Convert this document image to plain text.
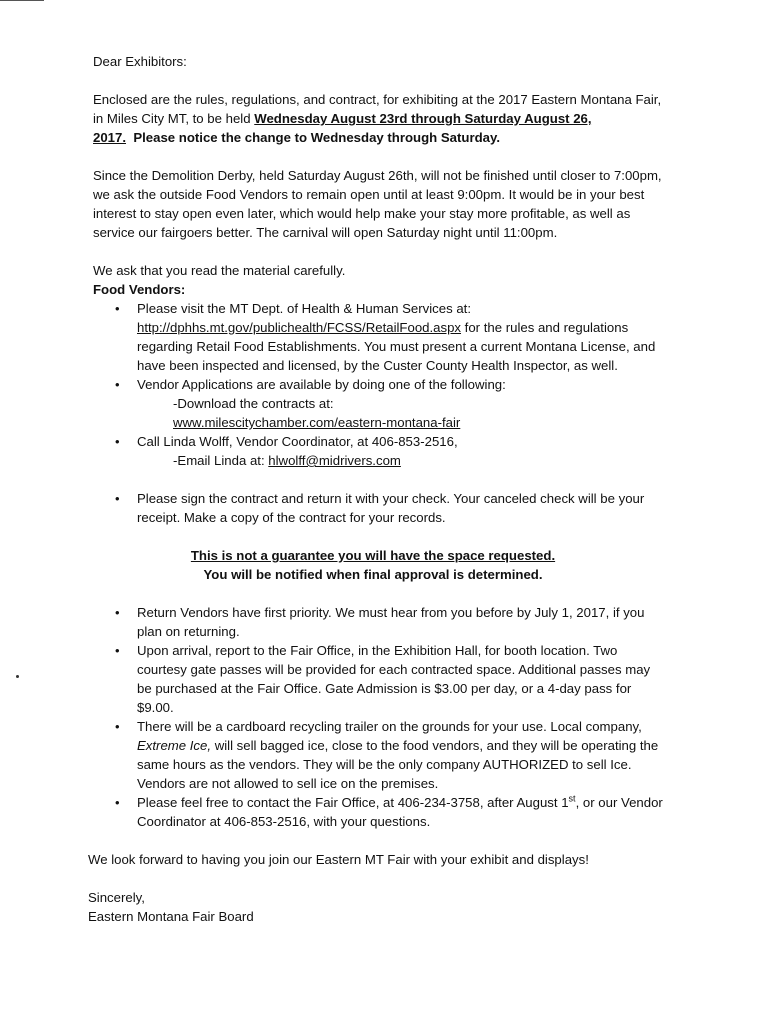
Dear Exhibitors:

Enclosed are the rules, regulations, and contract, for exhibiting at the 2017 Eastern Montana Fair, in Miles City MT, to be held Wednesday August 23rd through Saturday August 26, 2017. Please notice the change to Wednesday through Saturday.

Since the Demolition Derby, held Saturday August 26th, will not be finished until closer to 7:00pm, we ask the outside Food Vendors to remain open until at least 9:00pm. It would be in your best interest to stay open even later, which would help make your stay more profitable, as well as service our fairgoers better. The carnival will open Saturday night until 11:00pm.

We ask that you read the material carefully.

Food Vendors:

• Please visit the MT Dept. of Health & Human Services at:
http://dphhs.mt.gov/publichealth/FCSS/RetailFood.aspx for the rules and regulations regarding Retail Food Establishments. You must present a current Montana License, and have been inspected and licensed, by the Custer County Health Inspector, as well.
• Vendor Applications are available by doing one of the following:
-Download the contracts at:
www.milescitychamber.com/eastern-montana-fair
• Call Linda Wolff, Vendor Coordinator, at 406-853-2516,
-Email Linda at: hlwolff@midrivers.com
• Please sign the contract and return it with your check. Your canceled check will be your receipt. Make a copy of the contract for your records.

This is not a guarantee you will have the space requested.

You will be notified when final approval is determined.

• Return Vendors have first priority. We must hear from you before by July 1, 2017, if you plan on returning.
• Upon arrival, report to the Fair Office, in the Exhibition Hall, for booth location. Two courtesy gate passes will be provided for each contracted space. Additional passes may be purchased at the Fair Office. Gate Admission is $3.00 per day, or a 4-day pass for $9.00.
• There will be a cardboard recycling trailer on the grounds for your use. Local company, Extreme Ice, will sell bagged ice, close to the food vendors, and they will be operating the same hours as the vendors. They will be the only company AUTHORIZED to sell Ice. Vendors are not allowed to sell ice on the premises.
• Please feel free to contact the Fair Office, at 406-234-3758, after August 1st, or our Vendor Coordinator at 406-853-2516, with your questions.

We look forward to having you join our Eastern MT Fair with your exhibit and displays!

Sincerely,

Eastern Montana Fair Board
